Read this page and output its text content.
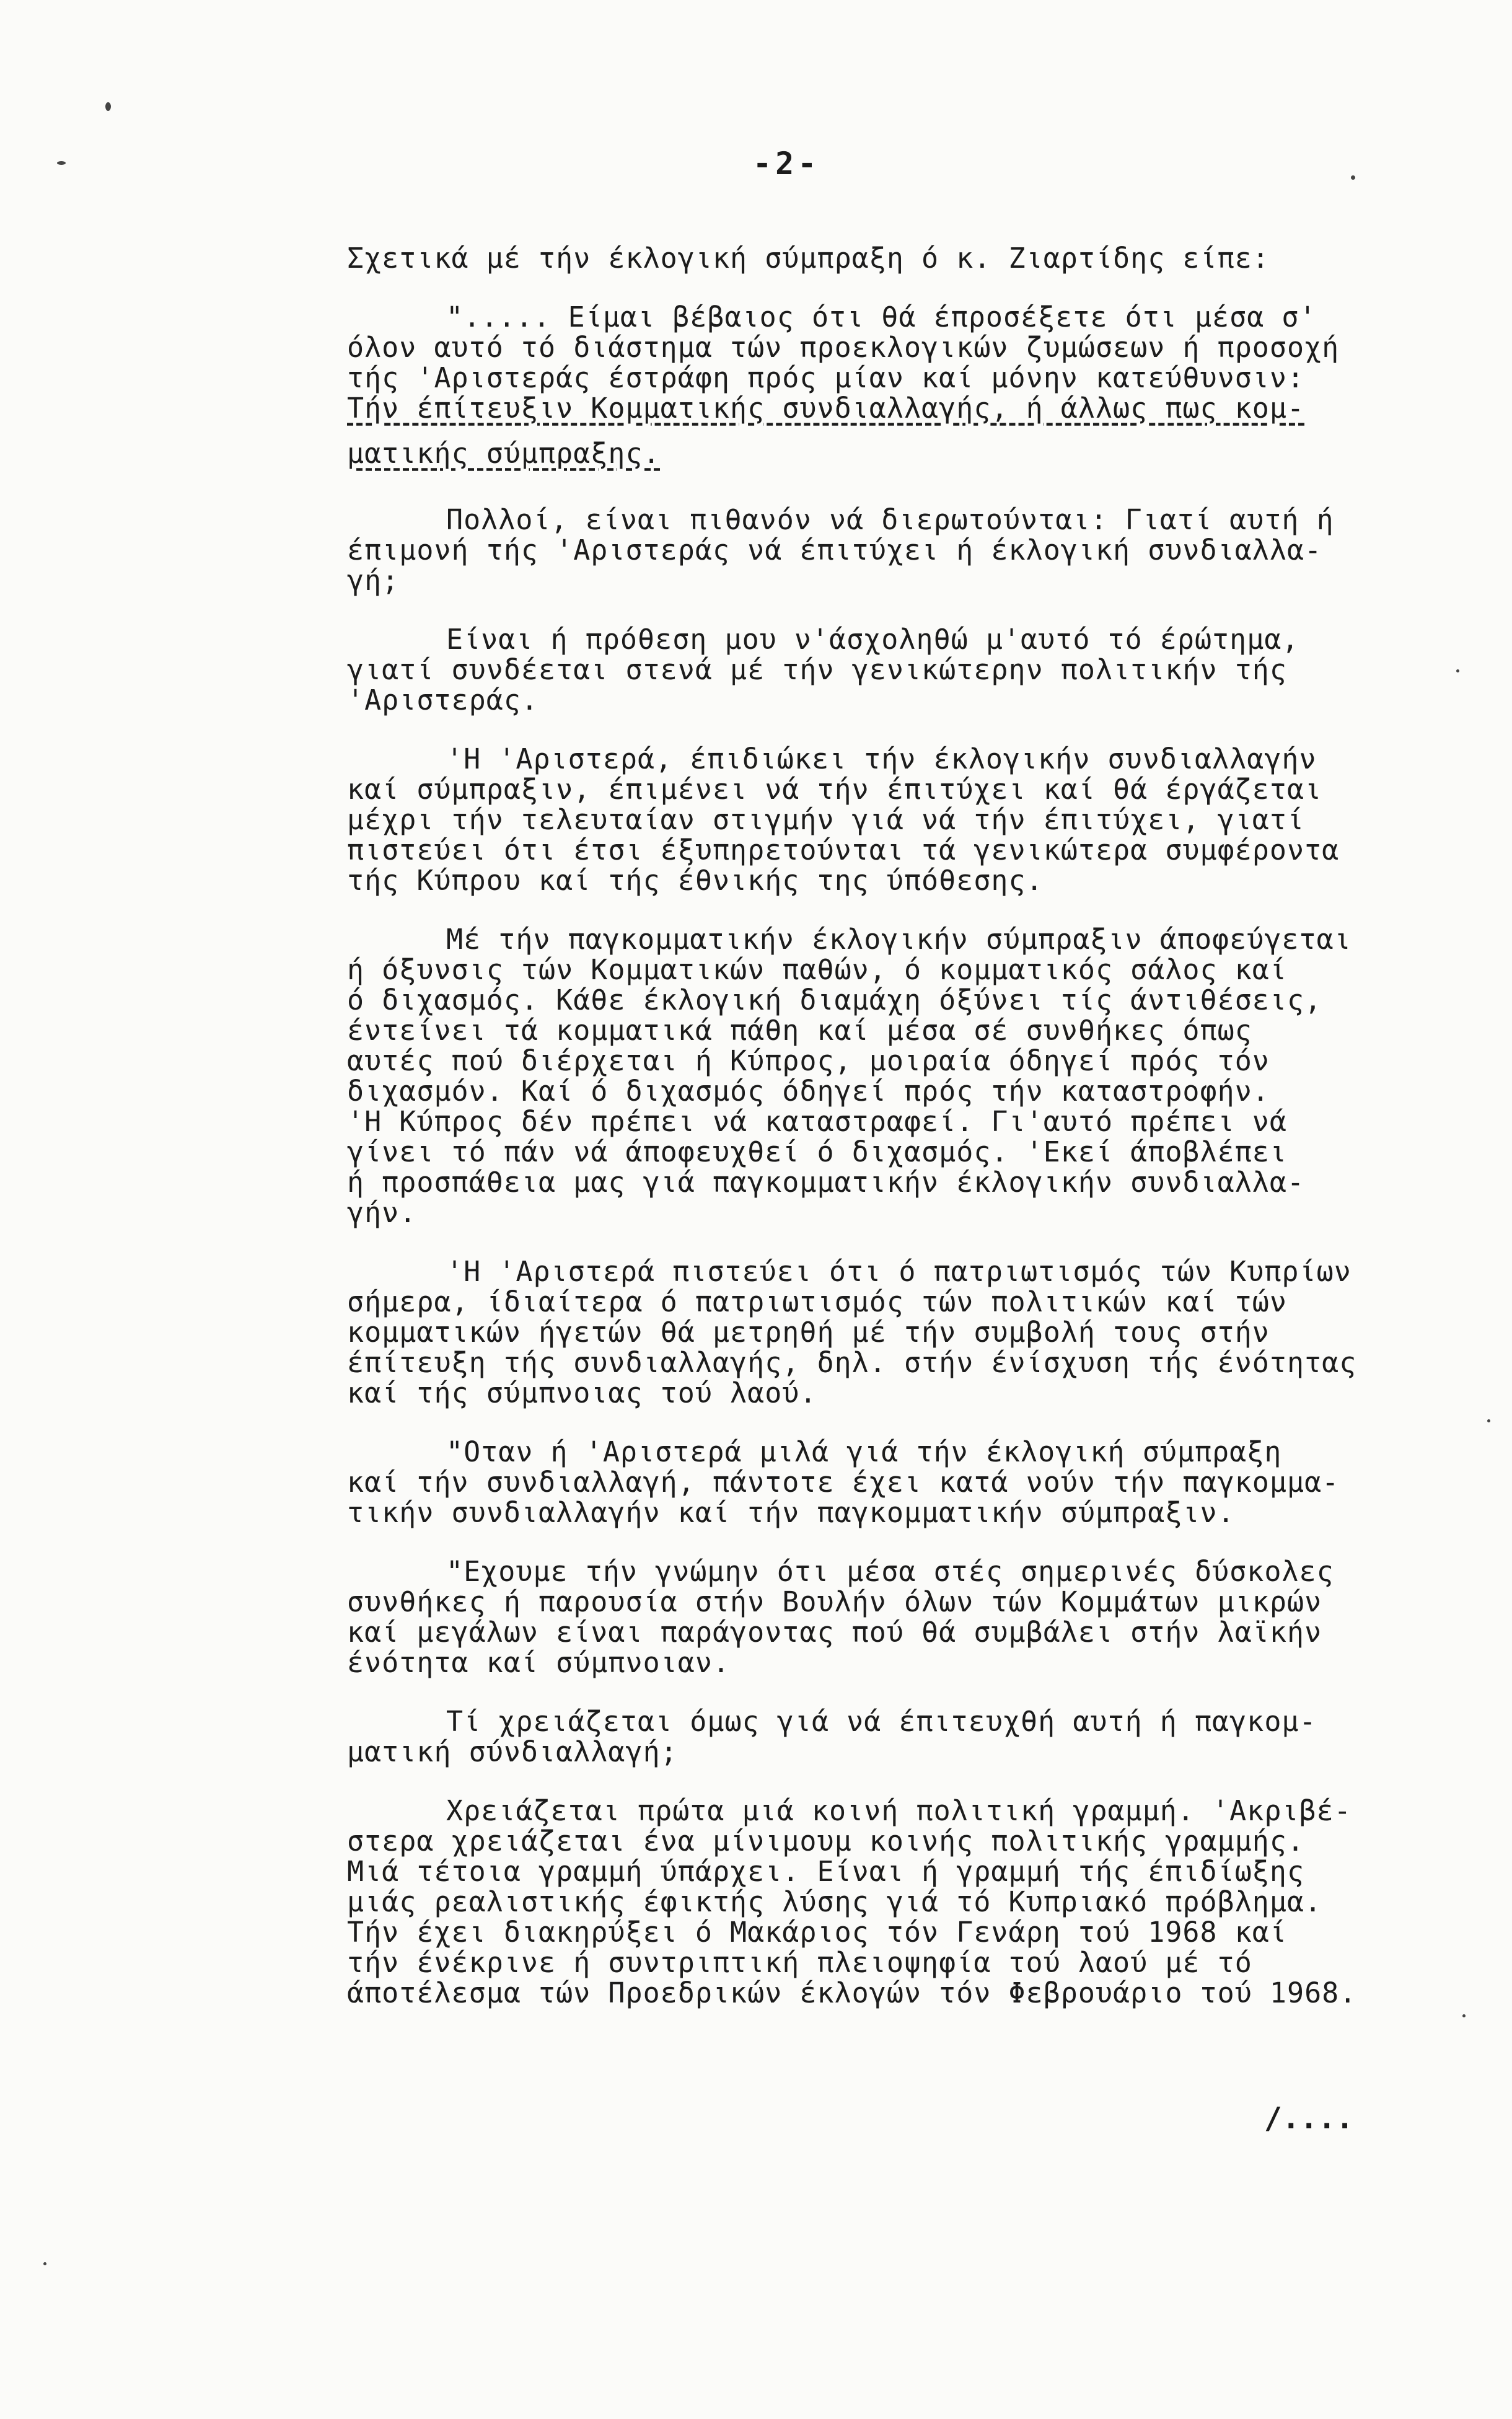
-2-
Σχετικά μέ τήν έκλογική σύμπραξη ό κ. Ζιαρτίδης είπε:
"..... Είμαι βέβαιος ότι θά έπροσέξετε ότι μέσα σ'
όλον αυτό τό διάστημα τών προεκλογικών ζυμώσεων ή προσοχή
τής 'Αριστεράς έστράφη πρός μίαν καί μόνην κατεύθυνσιν:
Τήν έπίτευξιν Κομματικής συνδιαλλαγής, ή άλλως πως κομ-
ματικής σύμπραξης.
Πολλοί, είναι πιθανόν νά διερωτούνται: Γιατί αυτή ή
έπιμονή τής 'Αριστεράς νά έπιτύχει ή έκλογική συνδιαλλα-
γή;
Είναι ή πρόθεση μου ν'άσχοληθώ μ'αυτό τό έρώτημα,
γιατί συνδέεται στενά μέ τήν γενικώτερην πολιτικήν τής
'Αριστεράς.
'Η 'Αριστερά, έπιδιώκει τήν έκλογικήν συνδιαλλαγήν
καί σύμπραξιν, έπιμένει νά τήν έπιτύχει καί θά έργάζεται
μέχρι τήν τελευταίαν στιγμήν γιά νά τήν έπιτύχει, γιατί
πιστεύει ότι έτσι έξυπηρετούνται τά γενικώτερα συμφέροντα
τής Κύπρου καί τής έθνικής της ύπόθεσης.
Μέ τήν παγκομματικήν έκλογικήν σύμπραξιν άποφεύγεται
ή όξυνσις τών Κομματικών παθών, ό κομματικός σάλος καί
ό διχασμός. Κάθε έκλογική διαμάχη όξύνει τίς άντιθέσεις,
έντείνει τά κομματικά πάθη καί μέσα σέ συνθήκες όπως
αυτές πού διέρχεται ή Κύπρος, μοιραία όδηγεί πρός τόν
διχασμόν. Καί ό διχασμός όδηγεί πρός τήν καταστροφήν.
'Η Κύπρος δέν πρέπει νά καταστραφεί. Γι'αυτό πρέπει νά
γίνει τό πάν νά άποφευχθεί ό διχασμός. 'Εκεί άποβλέπει
ή προσπάθεια μας γιά παγκομματικήν έκλογικήν συνδιαλλα-
γήν.
'Η 'Αριστερά πιστεύει ότι ό πατριωτισμός τών Κυπρίων
σήμερα, ίδιαίτερα ό πατριωτισμός τών πολιτικών καί τών
κομματικών ήγετών θά μετρηθή μέ τήν συμβολή τους στήν
έπίτευξη τής συνδιαλλαγής, δηλ. στήν ένίσχυση τής ένότητας
καί τής σύμπνοιας τού λαού.
"Οταν ή 'Αριστερά μιλά γιά τήν έκλογική σύμπραξη
καί τήν συνδιαλλαγή, πάντοτε έχει κατά νούν τήν παγκομμα-
τικήν συνδιαλλαγήν καί τήν παγκομματικήν σύμπραξιν.
"Εχουμε τήν γνώμην ότι μέσα στές σημερινές δύσκολες
συνθήκες ή παρουσία στήν Βουλήν όλων τών Κομμάτων μικρών
καί μεγάλων είναι παράγοντας πού θά συμβάλει στήν λαϊκήν
ένότητα καί σύμπνοιαν.
Τί χρειάζεται όμως γιά νά έπιτευχθή αυτή ή παγκομ-
ματική σύνδιαλλαγή;
Χρειάζεται πρώτα μιά κοινή πολιτική γραμμή. 'Ακριβέ-
στερα χρειάζεται ένα μίνιμουμ κοινής πολιτικής γραμμής.
Μιά τέτοια γραμμή ύπάρχει. Είναι ή γραμμή τής έπιδίωξης
μιάς ρεαλιστικής έφικτής λύσης γιά τό Κυπριακό πρόβλημα.
Τήν έχει διακηρύξει ό Μακάριος τόν Γενάρη τού 1968 καί
τήν ένέκρινε ή συντριπτική πλειοψηφία τού λαού μέ τό
άποτέλεσμα τών Προεδρικών έκλογών τόν Φεβρουάριο τού 1968.
/....
